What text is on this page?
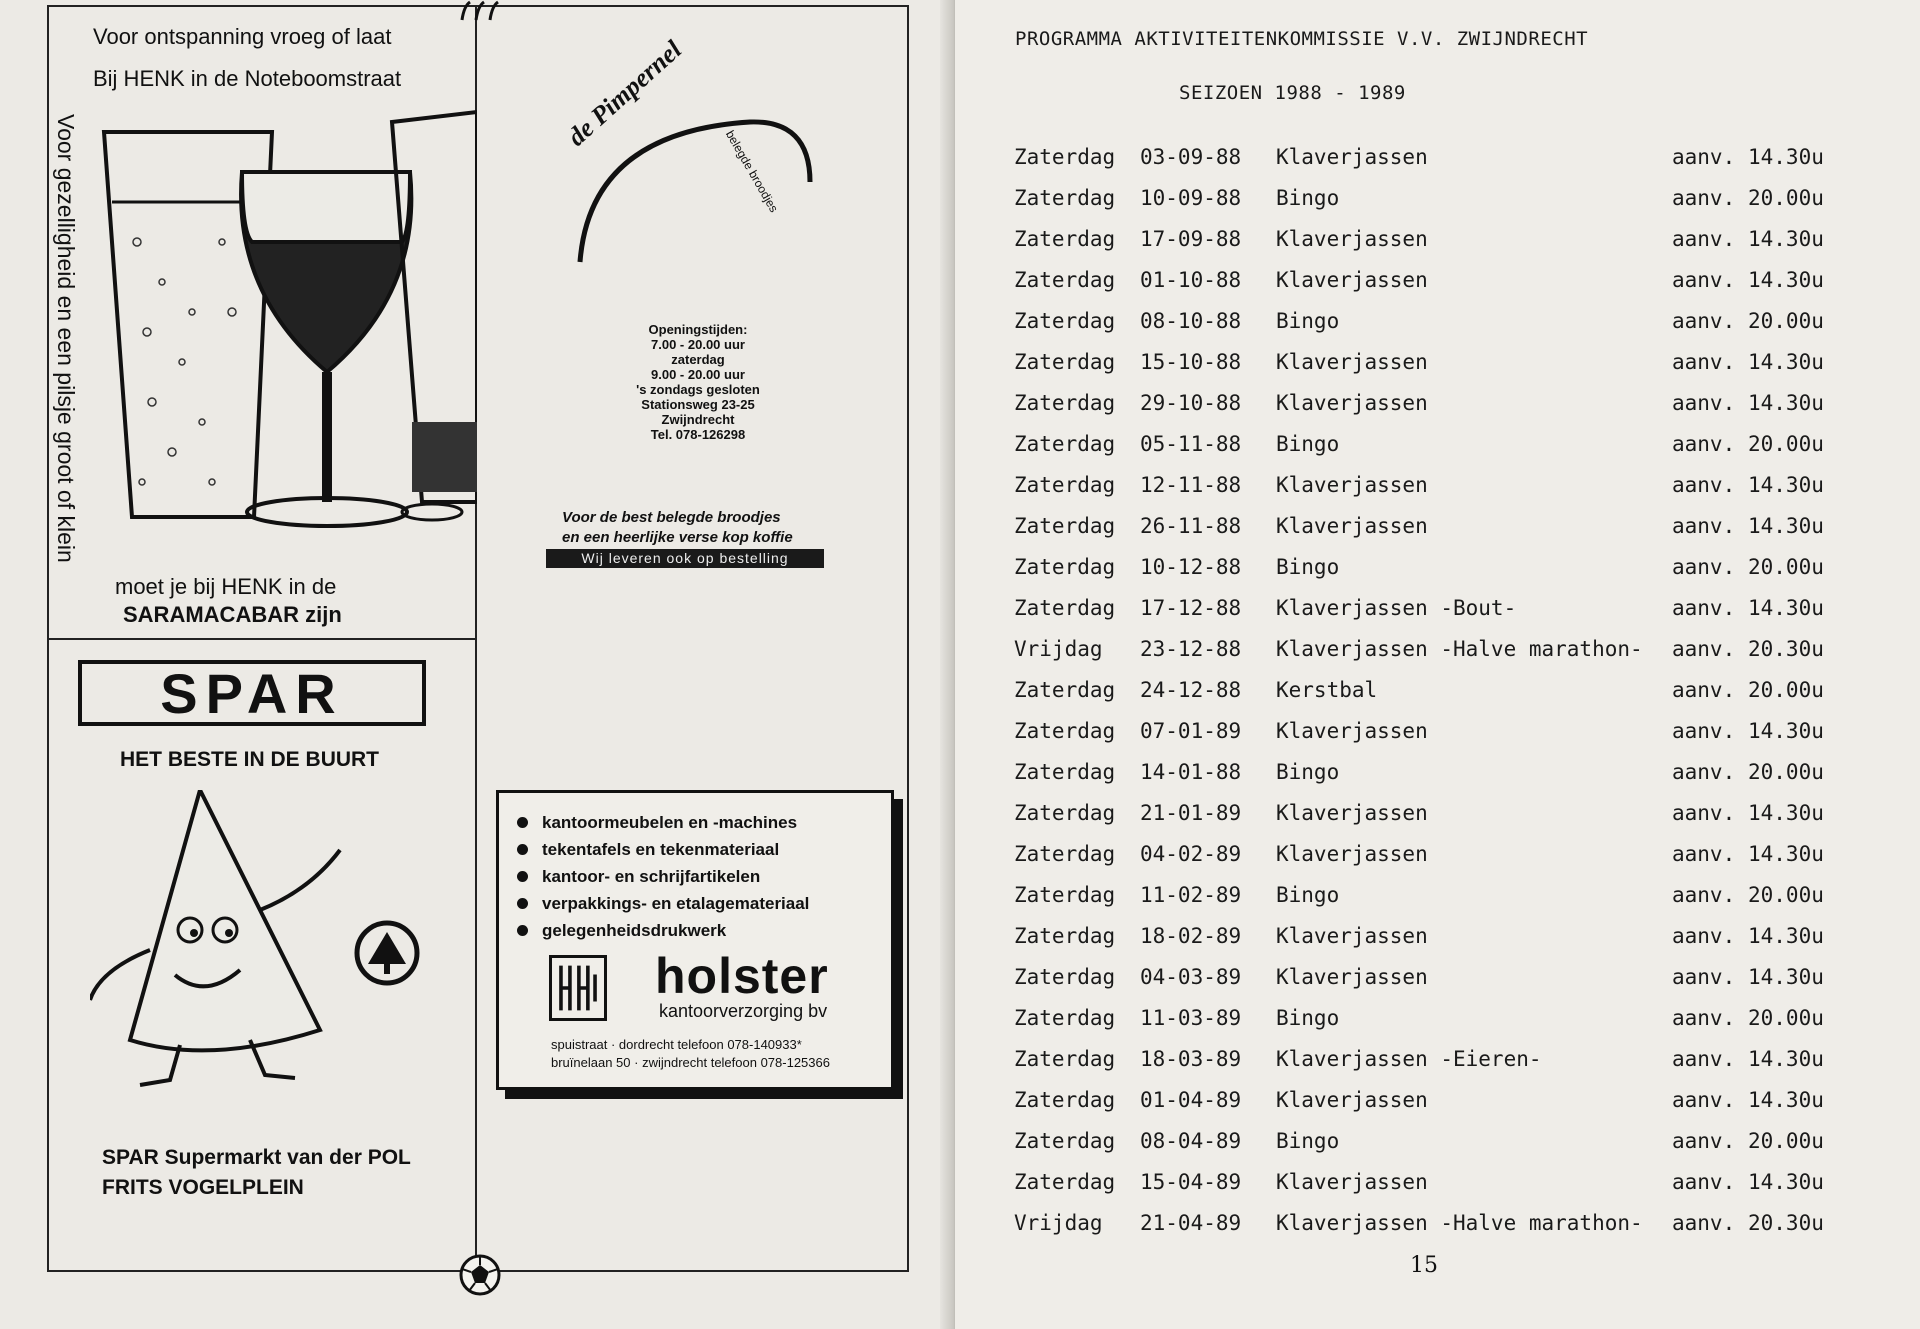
Voor ontspanning vroeg of laat
Bij HENK in de Noteboomstraat
Voor gezelligheid en een pilsje groot of klein
moet je bij HENK in de
SARAMACABAR zijn
de Pimpernel
belegde broodjes
Openingstijden:
7.00 - 20.00 uur
zaterdag
9.00 - 20.00 uur
's zondags gesloten
Stationsweg 23-25
Zwijndrecht
Tel. 078-126298
Voor de best belegde broodjes
en een heerlijke verse kop koffie
Wij leveren ook op bestelling
SPAR
HET BESTE IN DE BUURT
SPAR Supermarkt van der POL
FRITS VOGELPLEIN
kantoormeubelen en -machines
tekentafels en tekenmateriaal
kantoor- en schrijfartikelen
verpakkings- en etalagemateriaal
gelegenheidsdrukwerk
holster
kantoorverzorging bv
spuistraat · dordrecht telefoon 078-140933*
bruïnelaan 50 · zwijndrecht telefoon 078-125366
PROGRAMMA AKTIVITEITENKOMMISSIE V.V. ZWIJNDRECHT
SEIZOEN 1988 - 1989
Zaterdag 03-09-88 Klaverjassen	aanv. 14.30u
Zaterdag 10-09-88 Bingo	aanv. 20.00u
Zaterdag 17-09-88 Klaverjassen	aanv. 14.30u
Zaterdag 01-10-88 Klaverjassen	aanv. 14.30u
Zaterdag 08-10-88 Bingo	aanv. 20.00u
Zaterdag 15-10-88 Klaverjassen	aanv. 14.30u
Zaterdag 29-10-88 Klaverjassen	aanv. 14.30u
Zaterdag 05-11-88 Bingo	aanv. 20.00u
Zaterdag 12-11-88 Klaverjassen	aanv. 14.30u
Zaterdag 26-11-88 Klaverjassen	aanv. 14.30u
Zaterdag 10-12-88 Bingo	aanv. 20.00u
Zaterdag 17-12-88 Klaverjassen -Bout-	aanv. 14.30u
Vrijdag 23-12-88 Klaverjassen -Halve marathon- aanv. 20.30u
Zaterdag 24-12-88 Kerstbal	aanv. 20.00u
Zaterdag 07-01-89 Klaverjassen	aanv. 14.30u
Zaterdag 14-01-88 Bingo	aanv. 20.00u
Zaterdag 21-01-89 Klaverjassen	aanv. 14.30u
Zaterdag 04-02-89 Klaverjassen	aanv. 14.30u
Zaterdag 11-02-89 Bingo	aanv. 20.00u
Zaterdag 18-02-89 Klaverjassen	aanv. 14.30u
Zaterdag 04-03-89 Klaverjassen	aanv. 14.30u
Zaterdag 11-03-89 Bingo	aanv. 20.00u
Zaterdag 18-03-89 Klaverjassen -Eieren-	aanv. 14.30u
Zaterdag 01-04-89 Klaverjassen	aanv. 14.30u
Zaterdag 08-04-89 Bingo	aanv. 20.00u
Zaterdag 15-04-89 Klaverjassen	aanv. 14.30u
Vrijdag 21-04-89 Klaverjassen -Halve marathon- aanv. 20.30u
15
